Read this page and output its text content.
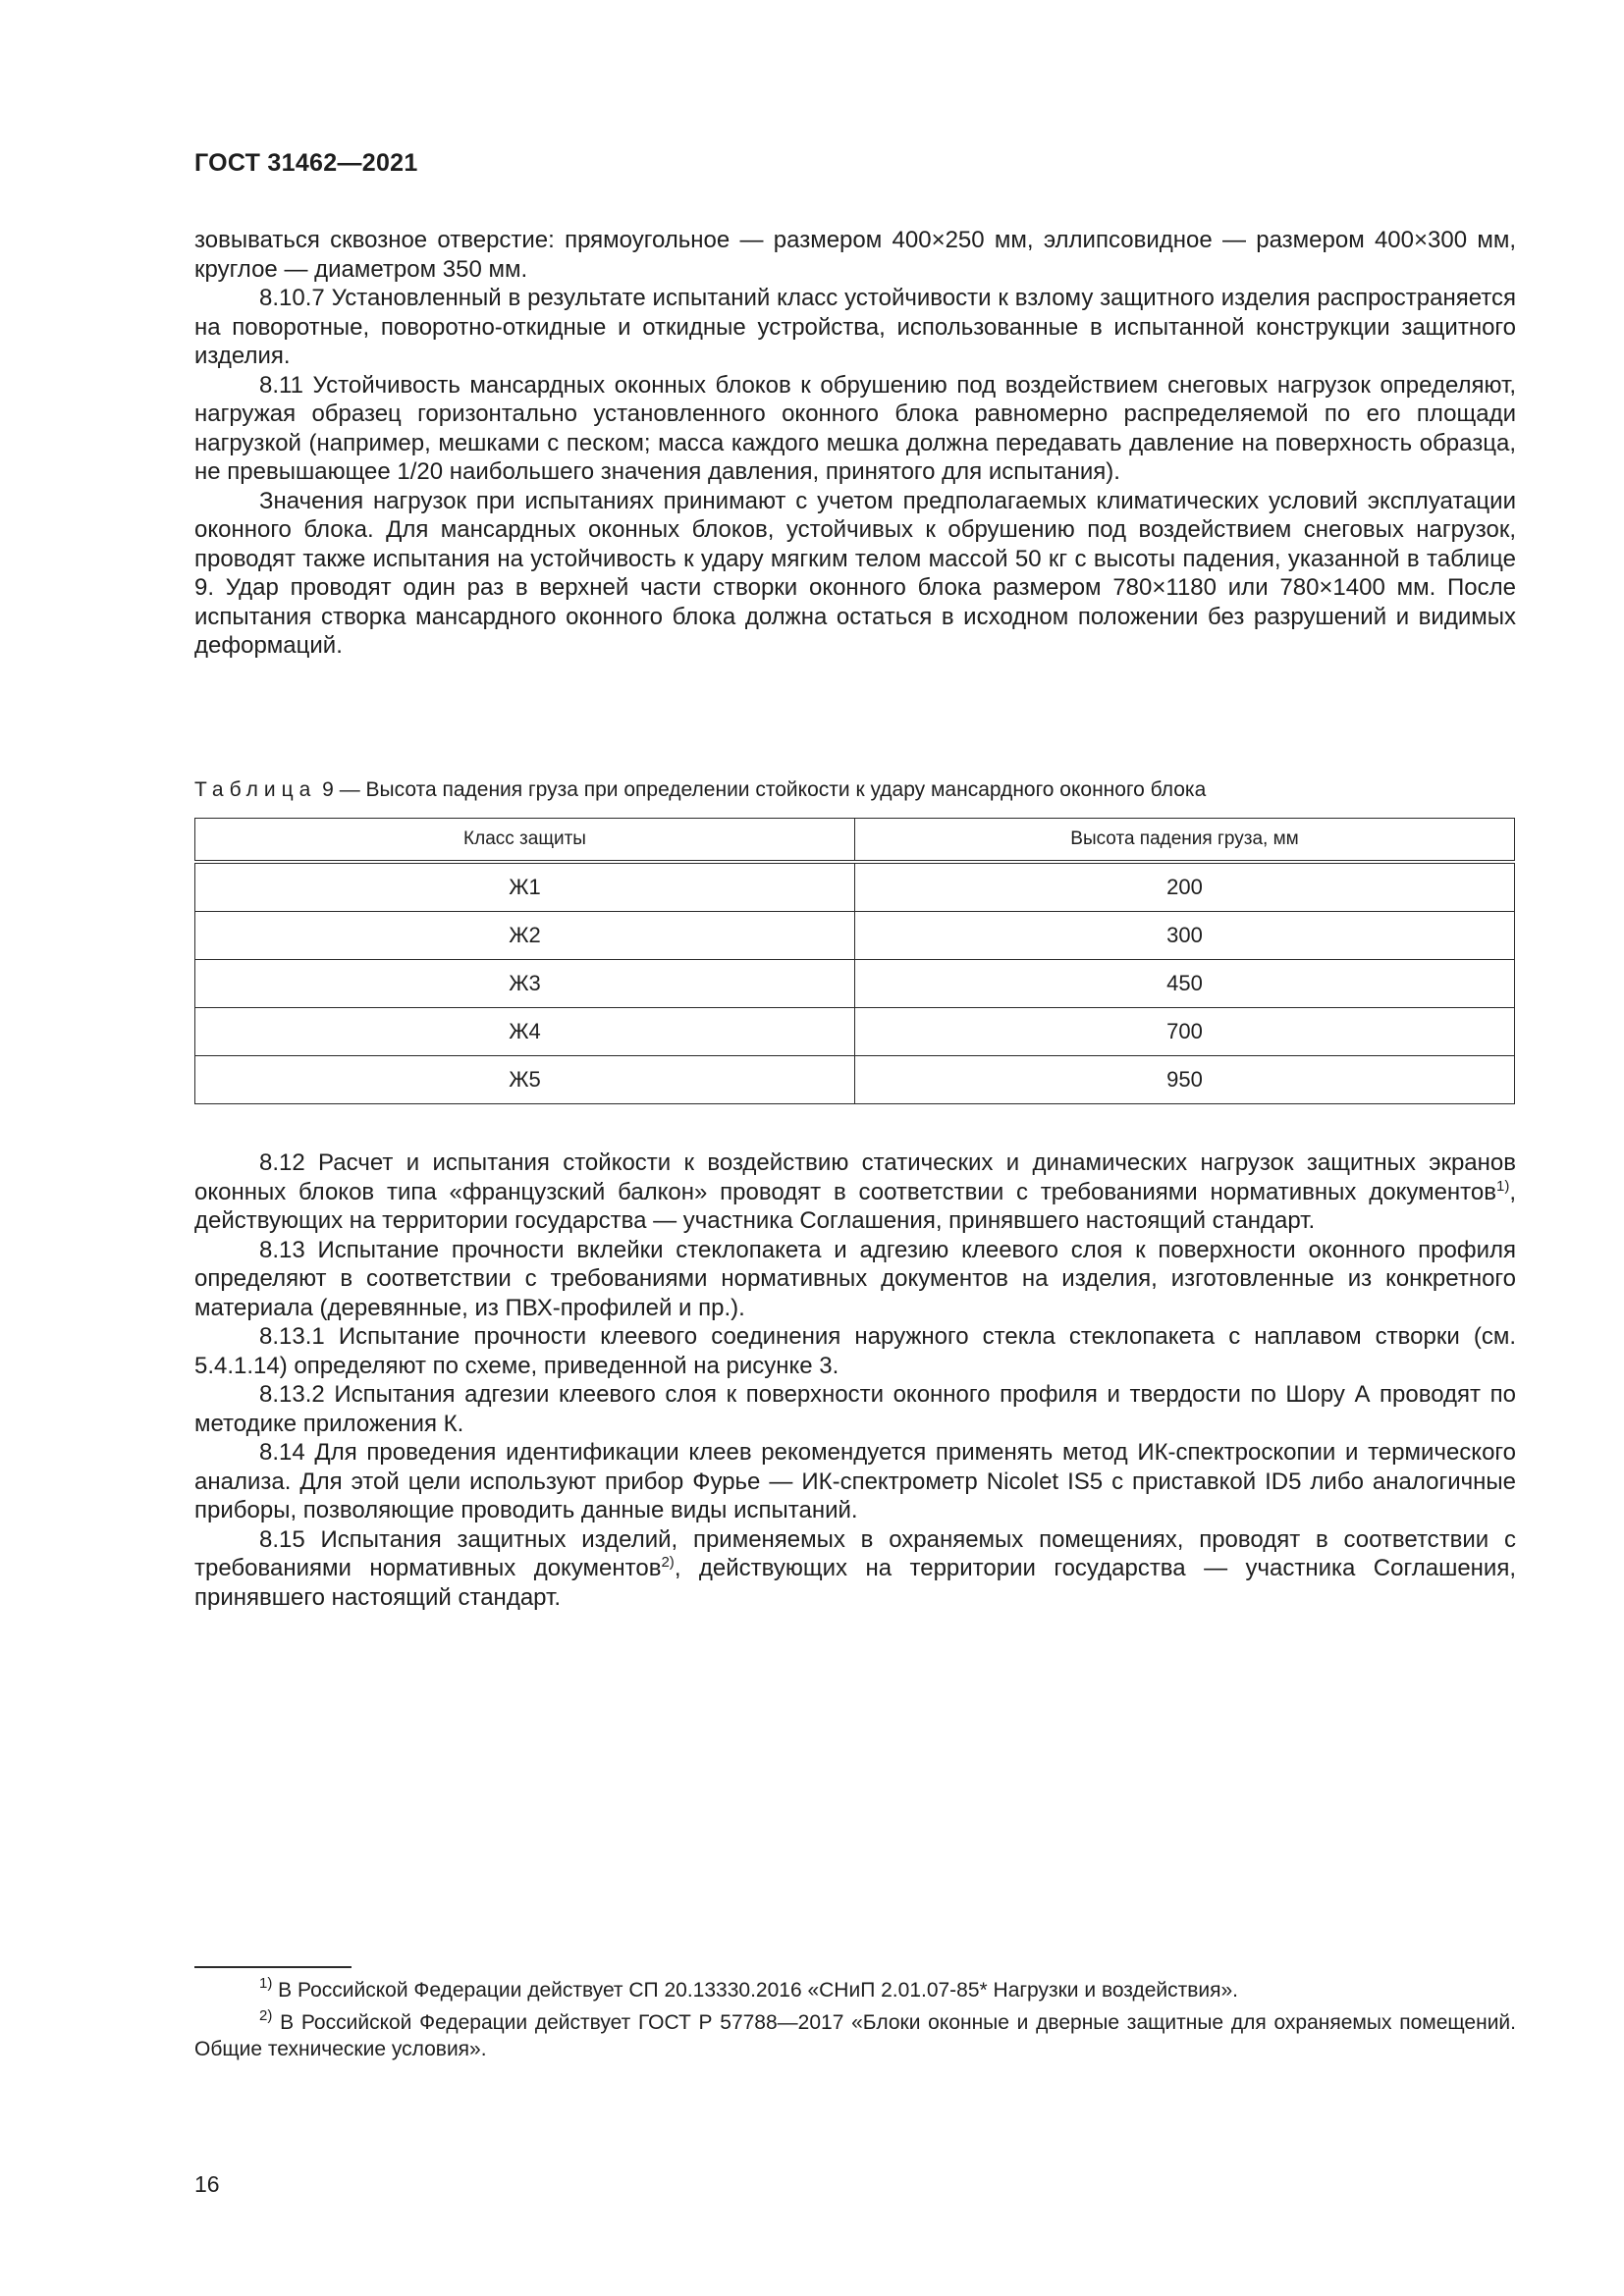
ГОСТ 31462—2021

зовываться сквозное отверстие: прямоугольное — размером 400×250 мм, эллипсовидное — размером 400×300 мм, круглое — диаметром 350 мм.

8.10.7 Установленный в результате испытаний класс устойчивости к взлому защитного изделия распространяется на поворотные, поворотно-откидные и откидные устройства, использованные в испытанной конструкции защитного изделия.

8.11 Устойчивость мансардных оконных блоков к обрушению под воздействием снеговых нагрузок определяют, нагружая образец горизонтально установленного оконного блока равномерно распределяемой по его площади нагрузкой (например, мешками с песком; масса каждого мешка должна передавать давление на поверхность образца, не превышающее 1/20 наибольшего значения давления, принятого для испытания).

Значения нагрузок при испытаниях принимают с учетом предполагаемых климатических условий эксплуатации оконного блока. Для мансардных оконных блоков, устойчивых к обрушению под воздействием снеговых нагрузок, проводят также испытания на устойчивость к удару мягким телом массой 50 кг с высоты падения, указанной в таблице 9. Удар проводят один раз в верхней части створки оконного блока размером 780×1180 или 780×1400 мм. После испытания створка мансардного оконного блока должна остаться в исходном положении без разрушений и видимых деформаций.

Таблица 9 — Высота падения груза при определении стойкости к удару мансардного оконного блока
Класс защиты	Высота падения груза, мм
Ж1	200
Ж2	300
Ж3	450
Ж4	700
Ж5	950

8.12 Расчет и испытания стойкости к воздействию статических и динамических нагрузок защитных экранов оконных блоков типа «французский балкон» проводят в соответствии с требованиями нормативных документов$^{1)}$, действующих на территории государства — участника Соглашения, принявшего настоящий стандарт.

8.13 Испытание прочности вклейки стеклопакета и адгезию клеевого слоя к поверхности оконного профиля определяют в соответствии с требованиями нормативных документов на изделия, изготовленные из конкретного материала (деревянные, из ПВХ-профилей и пр.).

8.13.1 Испытание прочности клеевого соединения наружного стекла стеклопакета с наплавом створки (см. 5.4.1.14) определяют по схеме, приведенной на рисунке 3.

8.13.2 Испытания адгезии клеевого слоя к поверхности оконного профиля и твердости по Шору А проводят по методике приложения К.

8.14 Для проведения идентификации клеев рекомендуется применять метод ИК-спектроскопии и термического анализа. Для этой цели используют прибор Фурье — ИК-спектрометр Nicolet IS5 с приставкой ID5 либо аналогичные приборы, позволяющие проводить данные виды испытаний.

8.15 Испытания защитных изделий, применяемых в охраняемых помещениях, проводят в соответствии с требованиями нормативных документов$^{2)}$, действующих на территории государства — участника Соглашения, принявшего настоящий стандарт.

$^{1)}$ В Российской Федерации действует СП 20.13330.2016 «СНиП 2.01.07-85* Нагрузки и воздействия».

$^{2)}$ В Российской Федерации действует ГОСТ Р 57788—2017 «Блоки оконные и дверные защитные для охраняемых помещений. Общие технические условия».

16
